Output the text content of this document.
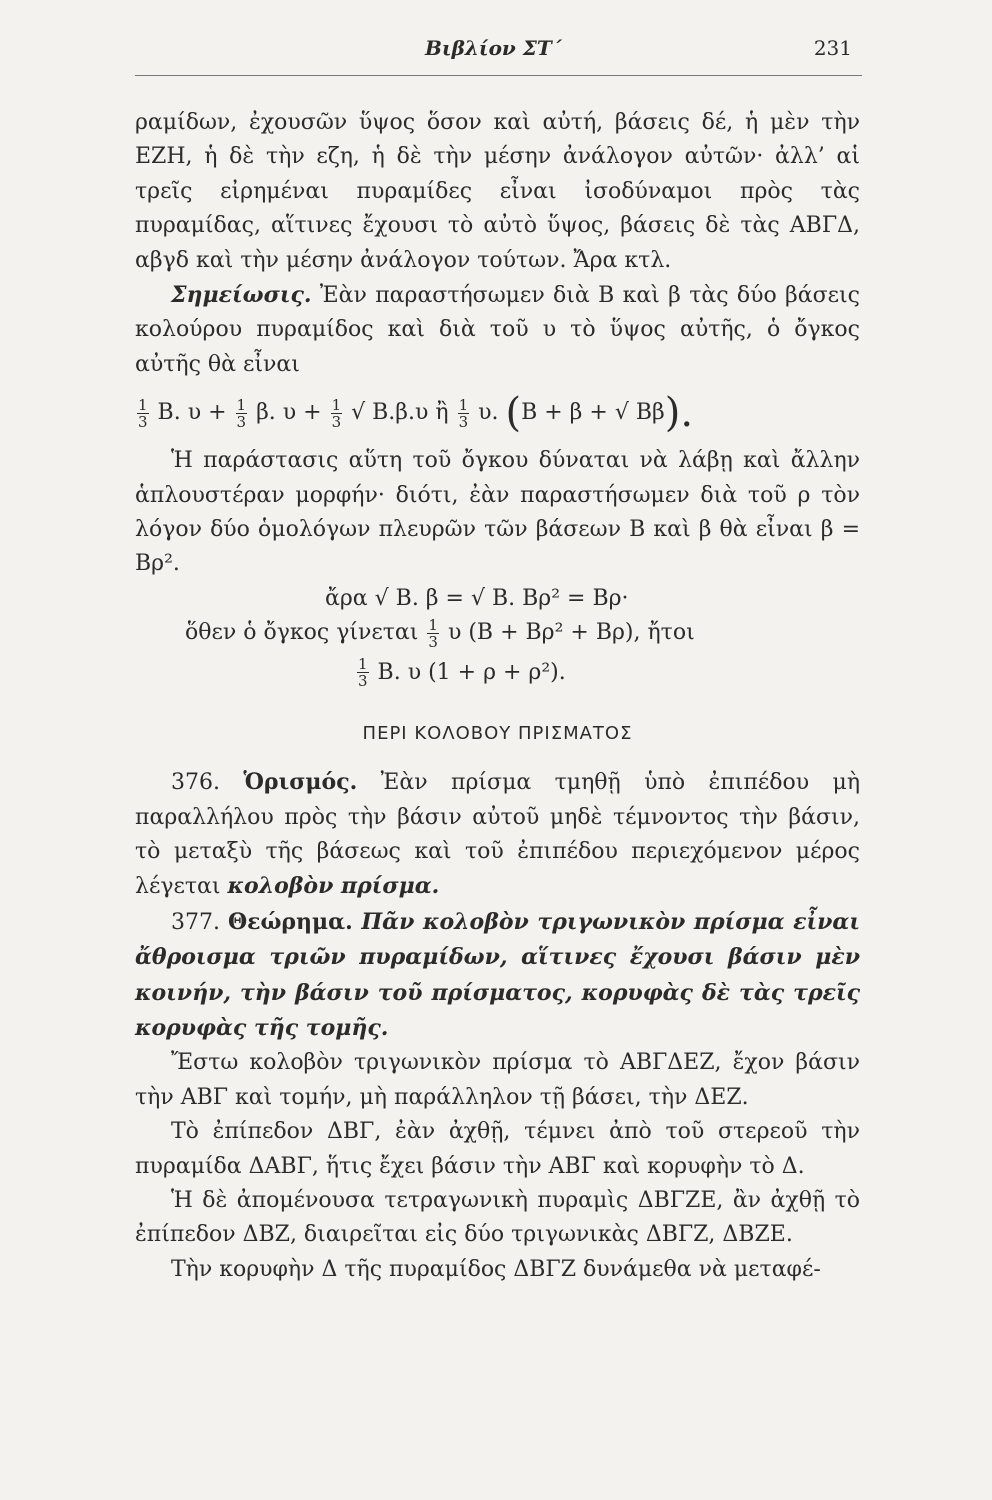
Βιβλίον ΣΤ΄	231

ραμίδων, ἐχουσῶν ὕψος ὅσον καὶ αὐτή, βάσεις δέ, ἡ μὲν τὴν ΕΖΗ, ἡ δὲ τὴν εζη, ἡ δὲ τὴν μέσην ἀνάλογον αὐτῶν· ἀλλ’ αἱ τρεῖς εἰρημέναι πυραμίδες εἶναι ἰσοδύναμοι πρὸς τὰς πυραμίδας, αἵτινες ἔχουσι τὸ αὐτὸ ὕψος, βάσεις δὲ τὰς ΑΒΓΔ, αβγδ καὶ τὴν μέσην ἀνάλογον τούτων. Ἄρα κτλ.

Σημείωσις. Ἐὰν παραστήσωμεν διὰ Β καὶ β τὰς δύο βάσεις κολούρου πυραμίδος καὶ διὰ τοῦ υ τὸ ὕψος αὐτῆς, ὁ ὄγκος αὐτῆς θὰ εἶναι

$\frac{1}{3} B$. $\upsilon + \frac{1}{3} \beta$. $\upsilon + \frac{1}{3}$ √ Β.β.υ ἢ $\frac{1}{3} \upsilon$. (Β + β + √ Ββ).

Ἡ παράστασις αὕτη τοῦ ὄγκου δύναται νὰ λάβῃ καὶ ἄλλην ἁπλουστέραν μορφήν· διότι, ἐὰν παραστήσωμεν διὰ τοῦ ρ τὸν λόγον δύο ὁμολόγων πλευρῶν τῶν βάσεων Β καὶ β θὰ εἶναι β = Βρ².

ἄρα √ Β. β = √ Β. Βρ² = Βρ·
ὅθεν ὁ ὄγκος γίνεται $\frac{1}{3}$ υ (Β + Βρ² + Βρ), ἤτοι
$\frac{1}{3} B$. υ (1 + ρ + ρ²).
ΠΕΡΙ ΚΟΛΟΒΟΥ ΠΡΙΣΜΑΤΟΣ

376. Ὁρισμός. Ἐὰν πρίσμα τμηθῇ ὑπὸ ἐπιπέδου μὴ παραλλήλου πρὸς τὴν βάσιν αὐτοῦ μηδὲ τέμνοντος τὴν βάσιν, τὸ μεταξὺ τῆς βάσεως καὶ τοῦ ἐπιπέδου περιεχόμενον μέρος λέγεται κολοβὸν πρίσμα.

377. Θεώρημα. Πᾶν κολοβὸν τριγωνικὸν πρίσμα εἶναι ἄθροισμα τριῶν πυραμίδων, αἵτινες ἔχουσι βάσιν μὲν κοινήν, τὴν βάσιν τοῦ πρίσματος, κορυφὰς δὲ τὰς τρεῖς κορυφὰς τῆς τομῆς.

Ἔστω κολοβὸν τριγωνικὸν πρίσμα τὸ ΑΒΓΔΕΖ, ἔχον βάσιν τὴν ΑΒΓ καὶ τομήν, μὴ παράλληλον τῇ βάσει, τὴν ΔΕΖ.

Τὸ ἐπίπεδον ΔΒΓ, ἐὰν ἀχθῇ, τέμνει ἀπὸ τοῦ στερεοῦ τὴν πυραμίδα ΔΑΒΓ, ἥτις ἔχει βάσιν τὴν ΑΒΓ καὶ κορυφὴν τὸ Δ.

Ἡ δὲ ἀπομένουσα τετραγωνικὴ πυραμὶς ΔΒΓΖΕ, ἂν ἀχθῇ τὸ ἐπίπεδον ΔΒΖ, διαιρεῖται εἰς δύο τριγωνικὰς ΔΒΓΖ, ΔΒΖΕ.

Τὴν κορυφὴν Δ τῆς πυραμίδος ΔΒΓΖ δυνάμεθα νὰ μεταφέ-
